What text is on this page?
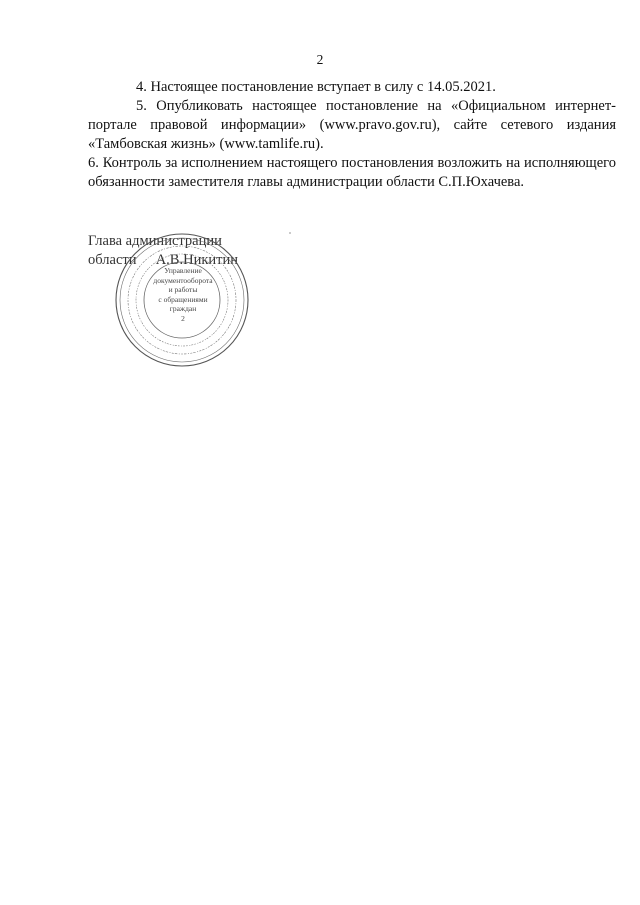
2

4. Настоящее постановление вступает в силу с 14.05.2021.

5. Опубликовать настоящее постановление на «Официальном интернет-портале правовой информации» (www.pravo.gov.ru), сайте сетевого издания «Тамбовская жизнь» (www.tamlife.ru).

6. Контроль за исполнением настоящего постановления возложить на исполняющего обязанности заместителя главы администрации области С.П.Юхачева.

Глава администрации
области А.В.Никитин
Управление
документооборота
и работы
с обращениями
граждан
2
